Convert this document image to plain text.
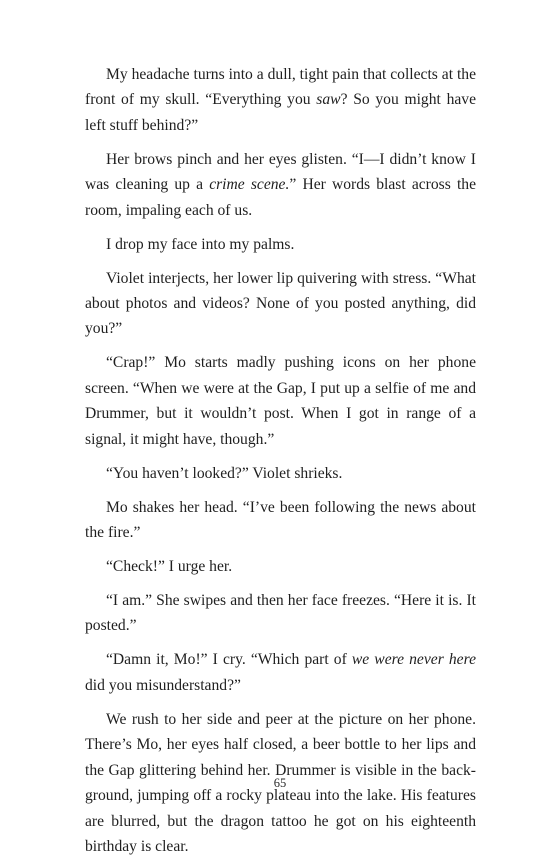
My headache turns into a dull, tight pain that collects at the front of my skull. “Everything you saw? So you might have left stuff behind?”

Her brows pinch and her eyes glisten. “I—I didn’t know I was cleaning up a crime scene.” Her words blast across the room, impaling each of us.

I drop my face into my palms.

Violet interjects, her lower lip quivering with stress. “What about photos and videos? None of you posted anything, did you?”

“Crap!” Mo starts madly pushing icons on her phone screen. “When we were at the Gap, I put up a selfie of me and Drummer, but it wouldn’t post. When I got in range of a signal, it might have, though.”

“You haven’t looked?” Violet shrieks.

Mo shakes her head. “I’ve been following the news about the fire.”

“Check!” I urge her.

“I am.” She swipes and then her face freezes. “Here it is. It posted.”

“Damn it, Mo!” I cry. “Which part of we were never here did you misunderstand?”

We rush to her side and peer at the picture on her phone. There’s Mo, her eyes half closed, a beer bottle to her lips and the Gap glittering behind her. Drummer is visible in the background, jumping off a rocky plateau into the lake. His features are blurred, but the dragon tattoo he got on his eighteenth birthday is clear.

65
